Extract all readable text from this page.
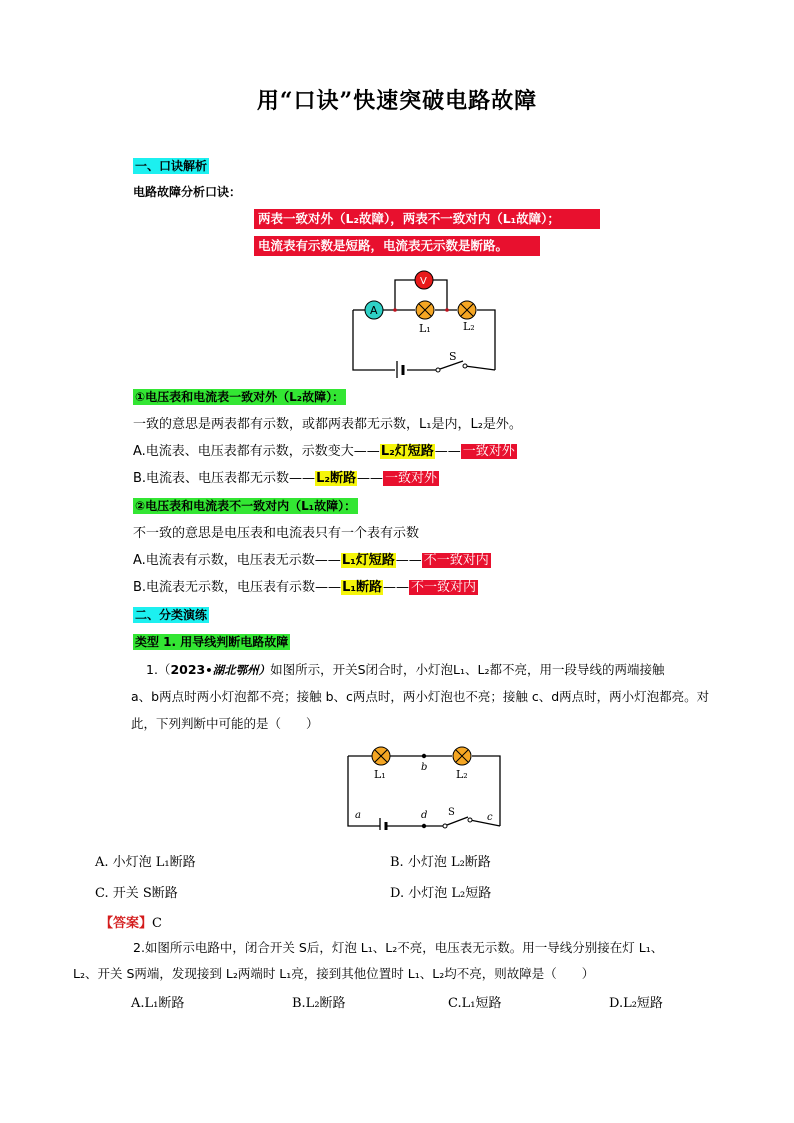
用“口诀”快速突破电路故障
一、口诀解析
电路故障分析口诀：
两表一致对外（L₂故障），两表不一致对内（L₁故障）；
电流表有示数是短路，电流表无示数是断路。
S
A
V
L₁	L₂
①电压表和电流表一致对外（L₂故障）：
一致的意思是两表都有示数，或都两表都无示数，L₁是内，L₂是外。
A.电流表、电压表都有示数，示数变大——L₂灯短路—— 一致对外
B.电流表、电压表都无示数——L₂断路—— 一致对外
②电压表和电流表不一致对内（L₁故障）：
不一致的意思是电压表和电流表只有一个表有示数
A.电流表有示数，电压表无示数——L₁灯短路—— 不一致对内
B.电流表无示数，电压表有示数——L₁断路—— 不一致对内
二、分类演练
类型 1. 用导线判断电路故障
1.（2023•湖北鄂州）如图所示，开关S闭合时，小灯泡L₁、L₂都不亮，用一段导线的两端接触
a、b两点时两小灯泡都不亮；接触 b、c两点时，两小灯泡也不亮；接触 c、d两点时，两小灯泡都亮。对
此，下列判断中可能的是（　　）
L₁	L₂
b
a	d S	c
A. 小灯泡 L₁断路	B. 小灯泡 L₂断路
C. 开关 S断路	D. 小灯泡 L₂短路
【答案】C
2.如图所示电路中，闭合开关 S后，灯泡 L₁、L₂不亮，电压表无示数。用一导线分别接在灯 L₁、
L₂、开关 S两端，发现接到 L₂两端时 L₁亮，接到其他位置时 L₁、L₂均不亮，则故障是（　　）
A.L₁断路	B.L₂断路	C.L₁短路	D.L₂短路
